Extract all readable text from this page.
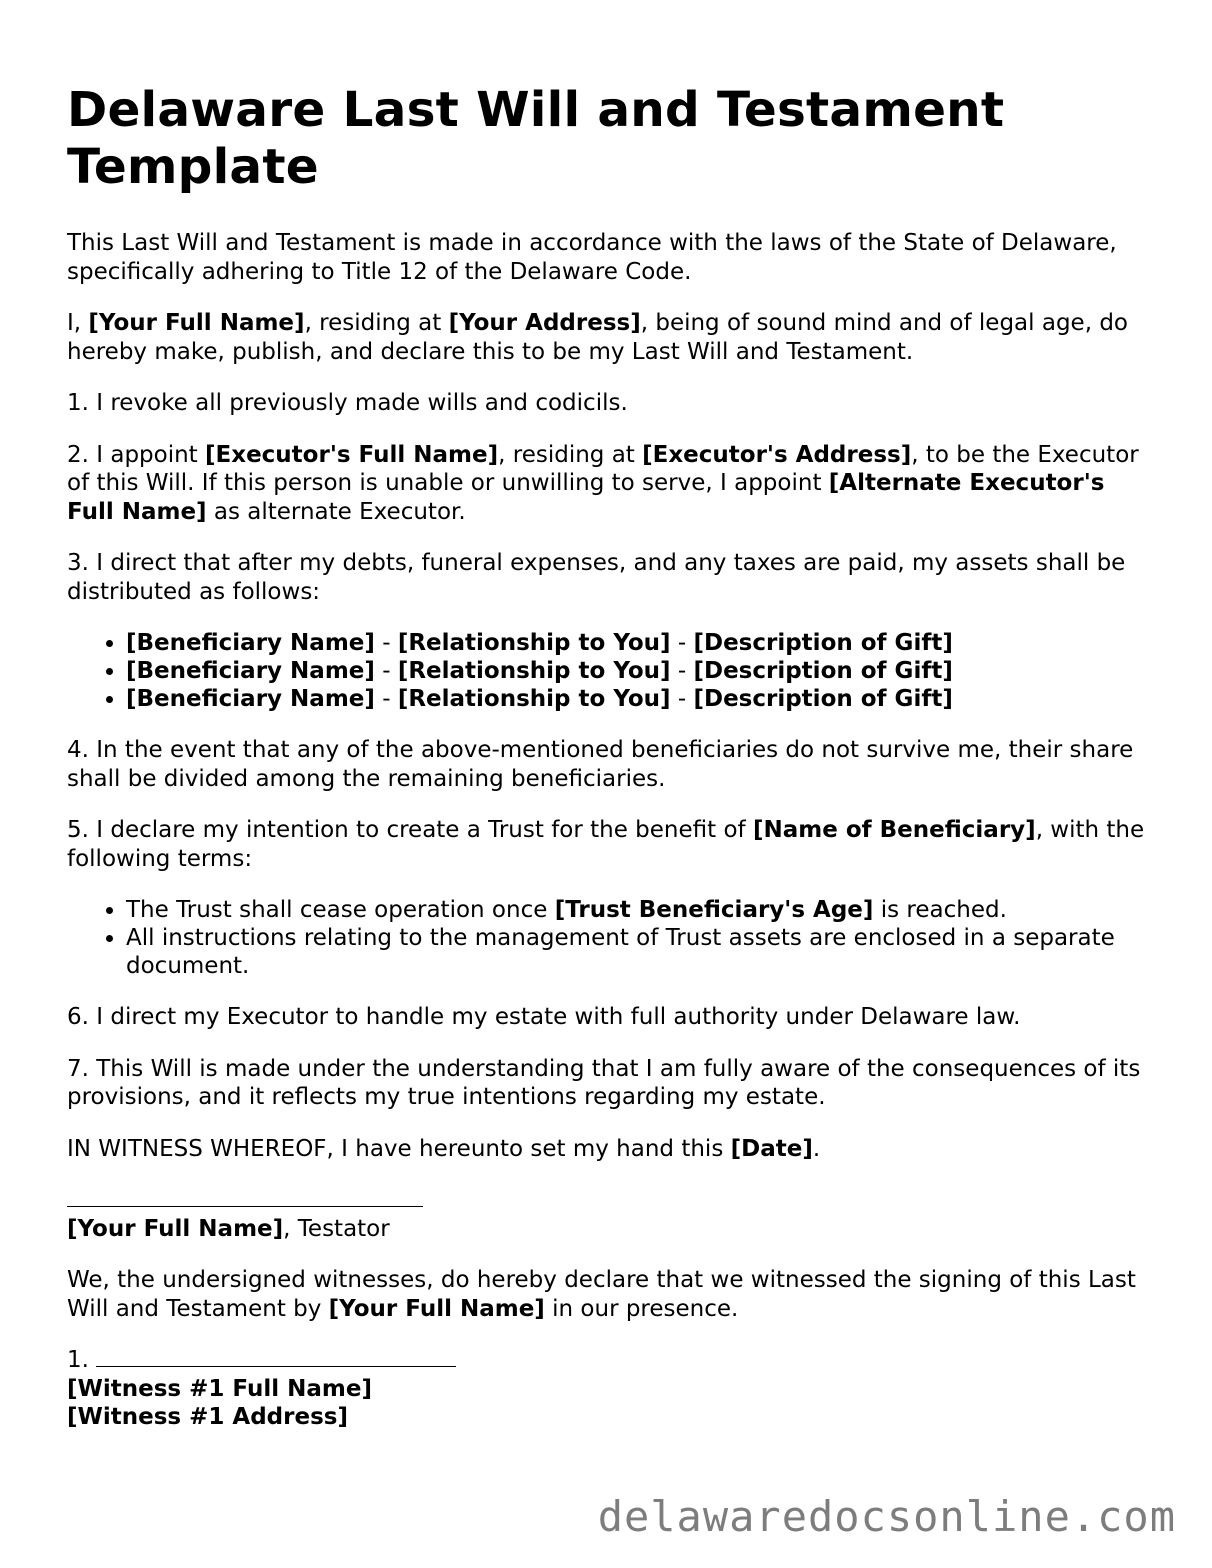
Delaware Last Will and Testament Template

This Last Will and Testament is made in accordance with the laws of the State of Delaware, specifically adhering to Title 12 of the Delaware Code.

I, [Your Full Name], residing at [Your Address], being of sound mind and of legal age, do hereby make, publish, and declare this to be my Last Will and Testament.

1. I revoke all previously made wills and codicils.

2. I appoint [Executor's Full Name], residing at [Executor's Address], to be the Executor of this Will. If this person is unable or unwilling to serve, I appoint [Alternate Executor's Full Name] as alternate Executor.

3. I direct that after my debts, funeral expenses, and any taxes are paid, my assets shall be distributed as follows:

• [Beneficiary Name] - [Relationship to You] - [Description of Gift]
• [Beneficiary Name] - [Relationship to You] - [Description of Gift]
• [Beneficiary Name] - [Relationship to You] - [Description of Gift]

4. In the event that any of the above-mentioned beneficiaries do not survive me, their share shall be divided among the remaining beneficiaries.

5. I declare my intention to create a Trust for the benefit of [Name of Beneficiary], with the following terms:

• The Trust shall cease operation once [Trust Beneficiary's Age] is reached.
• All instructions relating to the management of Trust assets are enclosed in a separate document.

6. I direct my Executor to handle my estate with full authority under Delaware law.

7. This Will is made under the understanding that I am fully aware of the consequences of its provisions, and it reflects my true intentions regarding my estate.

IN WITNESS WHEREOF, I have hereunto set my hand this [Date].

[Your Full Name], Testator

We, the undersigned witnesses, do hereby declare that we witnessed the signing of this Last Will and Testament by [Your Full Name] in our presence.

1.
[Witness #1 Full Name]
[Witness #1 Address]
delawaredocsonline.com
